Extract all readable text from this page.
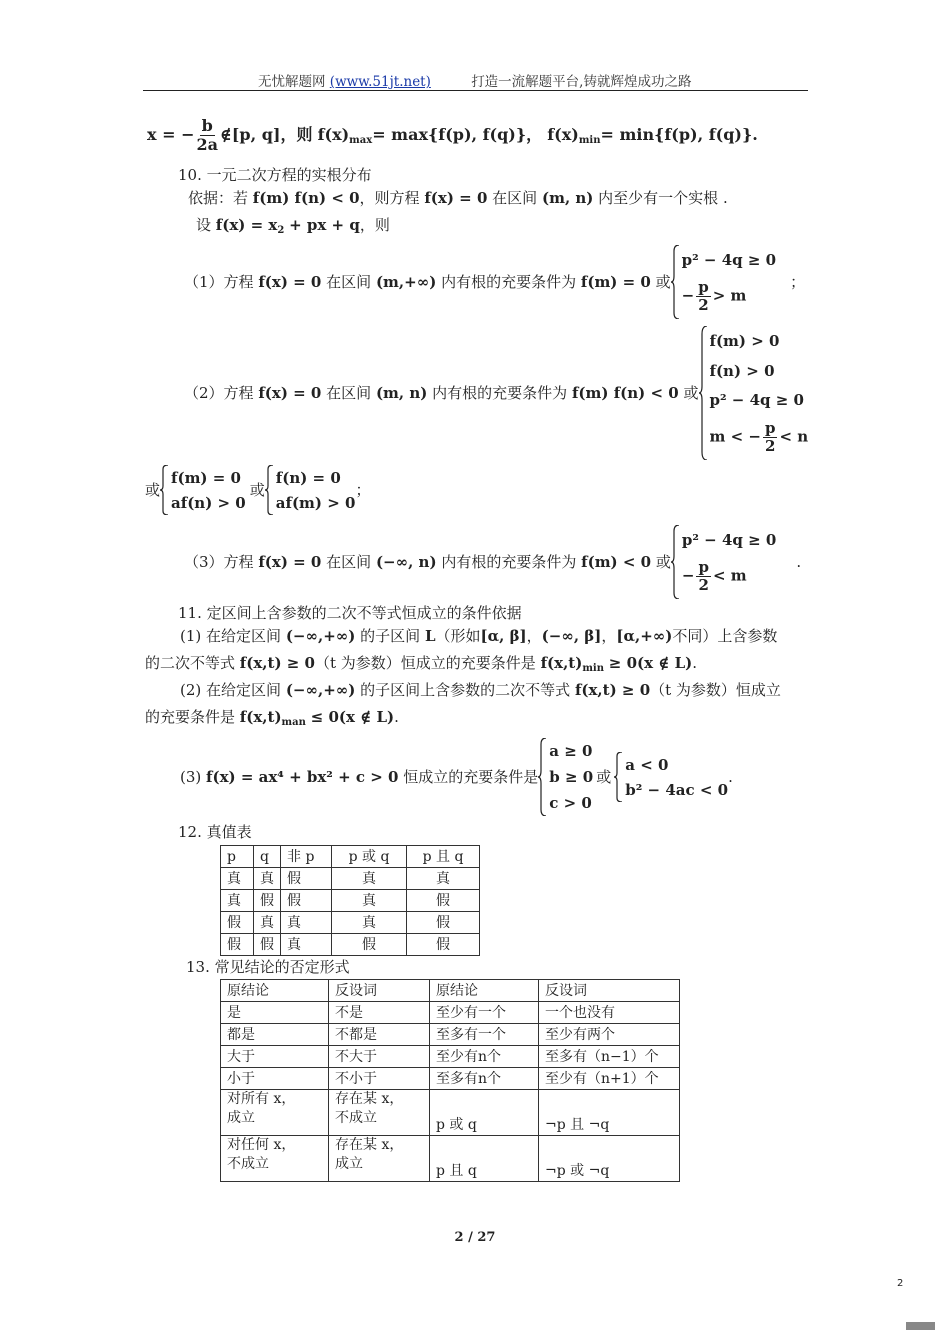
无忧解题网 (www.51jt.net)	打造一流解题平台,铸就辉煌成功之路
x = − $\frac{b}{2a}$ ∉[p, q]，则 $f(x)_{max}= \max\{f(p)$, f(q)}， $f(x)_{min}= \min\{f(p)$, f(q)}.
10. 一元二次方程的实根分布
依据：若 f(m) f(n) < 0，则方程 f(x) = 0 在区间 (m, n) 内至少有一个实根 .
设 $f(x) = x_2$ + px + q，则
（1）方程
f(x) = 0
在区间
(m,+∞)
内有根的充要条件为
f(m) = 0
或
p² − 4q ≥ 0
− $\frac{p}{2} > m$
；
（2）方程
f(x) = 0
在区间
(m, n)
内有根的充要条件为
f(m) f(n) < 0
或
f(m) > 0
f(n) > 0
p² − 4q ≥ 0
m < − $\frac{p}{2} < n$
或
f(m) = 0
af(n) > 0
或
f(n) = 0
af(m) > 0
；
（3）方程
f(x) = 0
在区间
(−∞, n)
内有根的充要条件为
f(m) < 0
或
p² − 4q ≥ 0
− $\frac{p}{2} < m$
.
11. 定区间上含参数的二次不等式恒成立的条件依据
(1) 在给定区间 (−∞,+∞) 的子区间 L（形如[α, β]，(−∞, β]，[α,+∞)不同）上含参数
的二次不等式 f(x,t) ≥ 0（t 为参数）恒成立的充要条件是 $f(x,t)_{min} \ge 0(x$ ∉ L).
(2) 在给定区间 (−∞,+∞) 的子区间上含参数的二次不等式 f(x,t) ≥ 0（t 为参数）恒成立
的充要条件是 $f(x,t)_{man} \le 0(x$ ∉ L).
(3)
f(x) = ax⁴ + bx² + c > 0
恒成立的充要条件是
a ≥ 0
b ≥ 0
c > 0
或
a < 0
b² − 4ac < 0
.
12. 真值表
p	q	非 p	p 或 q	p 且 q
真	真	假	真	真
真	假	假	真	假
假	真	真	真	假
假	假	真	假	假
13. 常见结论的否定形式
原结论	反设词	原结论	反设词
是	不是	至少有一个	一个也没有
都是	不都是	至多有一个	至少有两个
大于	不大于	至少有n个	至多有（n−1）个
小于	不小于	至多有n个	至少有（n+1）个
对所有 x，
成立	存在某 x，
不成立	p 或 q	¬p 且 ¬q
对任何 x，
不成立	存在某 x，
成立	p 且 q	¬p 或 ¬q
2 / 27
2
